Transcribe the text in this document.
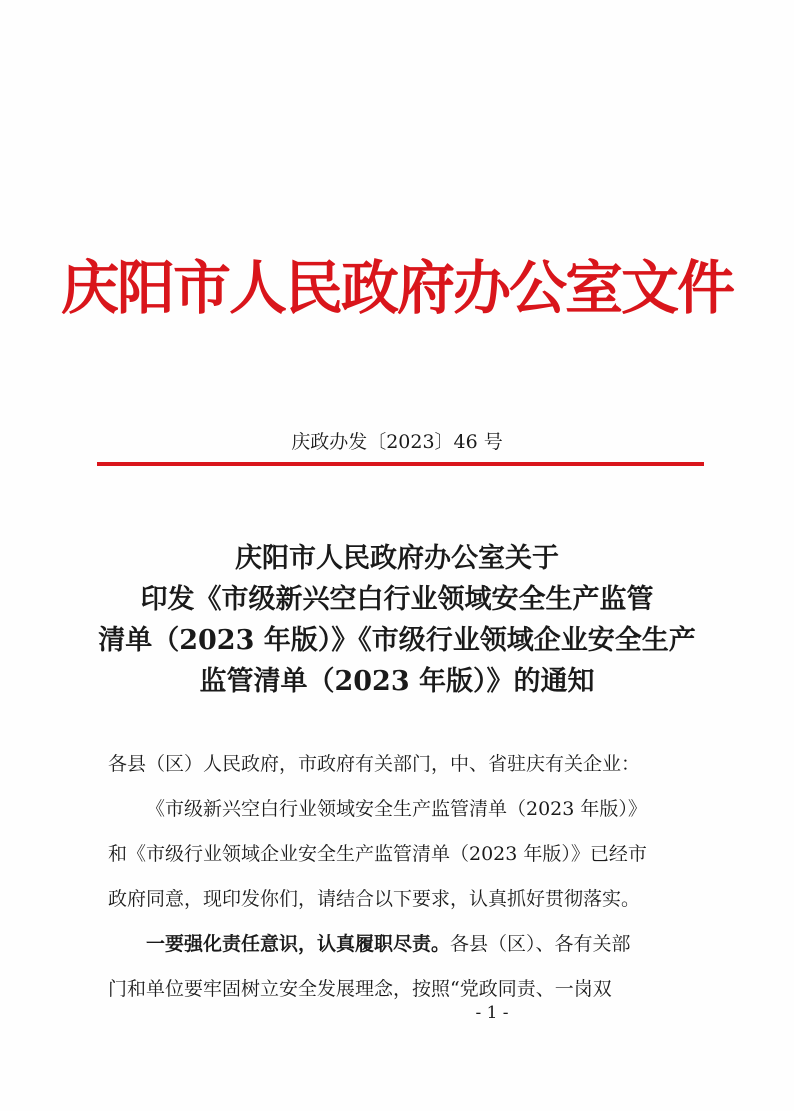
庆阳市人民政府办公室文件
庆政办发〔2023〕46 号
庆阳市人民政府办公室关于
印发《市级新兴空白行业领域安全生产监管
清单（2023 年版）》《市级行业领域企业安全生产
监管清单（2023 年版）》的通知
各县（区）人民政府，市政府有关部门，中、省驻庆有关企业：
《市级新兴空白行业领域安全生产监管清单（2023 年版）》
和《市级行业领域企业安全生产监管清单（2023 年版）》已经市
政府同意，现印发你们，请结合以下要求，认真抓好贯彻落实。
一要强化责任意识，认真履职尽责。各县（区）、各有关部
门和单位要牢固树立安全发展理念，按照“党政同责、一岗双
- 1 -
